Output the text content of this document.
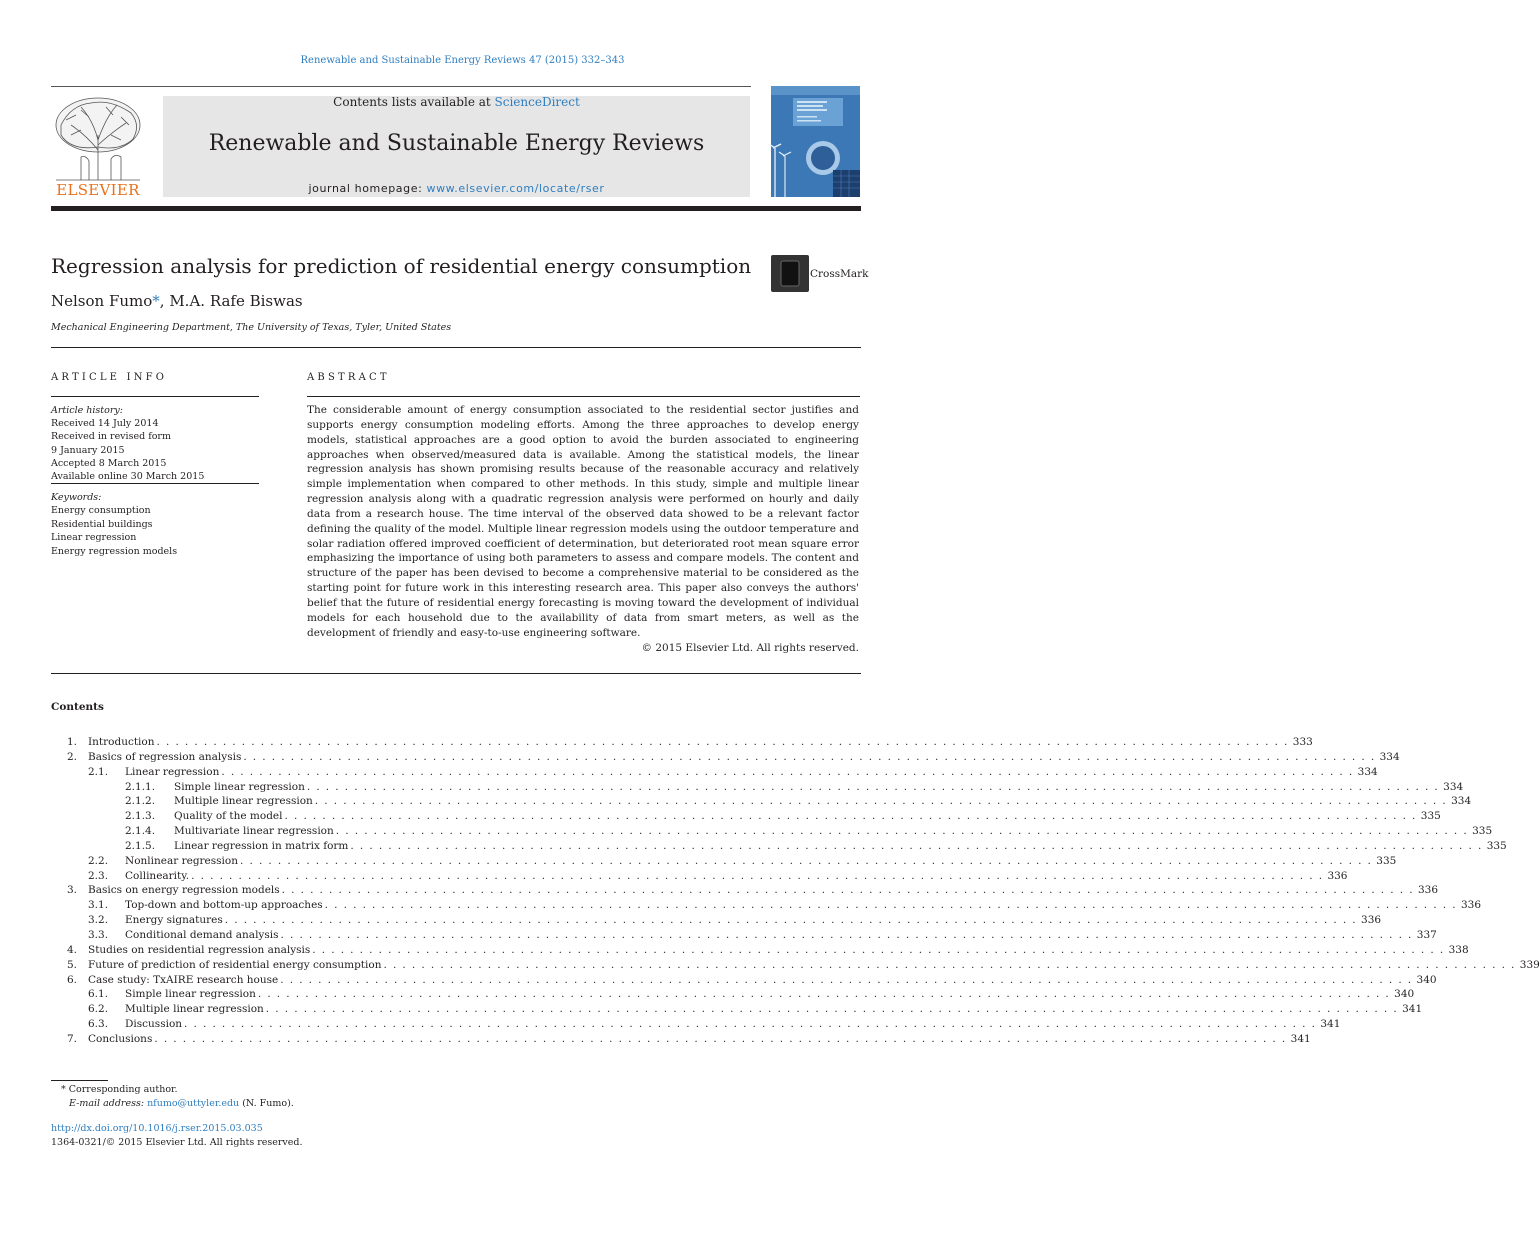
Renewable and Sustainable Energy Reviews 47 (2015) 332–343
ELSEVIER
Contents lists available at ScienceDirect
Renewable and Sustainable Energy Reviews
journal homepage: www.elsevier.com/locate/rser
Regression analysis for prediction of residential energy consumption	CrossMark
Nelson Fumo*, M.A. Rafe Biswas
Mechanical Engineering Department, The University of Texas, Tyler, United States
ARTICLE INFO
Article history:
Received 14 July 2014
Received in revised form
9 January 2015
Accepted 8 March 2015
Available online 30 March 2015
Keywords:
Energy consumption
Residential buildings
Linear regression
Energy regression models
ABSTRACT
The considerable amount of energy consumption associated to the residential sector justifies and supports energy consumption modeling efforts. Among the three approaches to develop energy models, statistical approaches are a good option to avoid the burden associated to engineering approaches when observed/measured data is available. Among the statistical models, the linear regression analysis has shown promising results because of the reasonable accuracy and relatively simple implementation when compared to other methods. In this study, simple and multiple linear regression analysis along with a quadratic regression analysis were performed on hourly and daily data from a research house. The time interval of the observed data showed to be a relevant factor defining the quality of the model. Multiple linear regression models using the outdoor temperature and solar radiation offered improved coefficient of determination, but deteriorated root mean square error emphasizing the importance of using both parameters to assess and compare models. The content and structure of the paper has been devised to become a comprehensive material to be considered as the starting point for future work in this interesting research area. This paper also conveys the authors' belief that the future of residential energy forecasting is moving toward the development of individual models for each household due to the availability of data from smart meters, as well as the development of friendly and easy-to-use engineering software.
© 2015 Elsevier Ltd. All rights reserved.
Contents
1. Introduction . . . . . . . . . . . . . . . . . . . . . . . . . . . . . . . . . . . . . . . . . . . . . . . . . . . . . . . . . . . . . . . . . . . . . . . . . . . . . . . . . . . . . . . . . . . . . . . . . . . . . . . . . . . . . . . . . . . . . . . . 333
2. Basics of regression analysis . . . . . . . . . . . . . . . . . . . . . . . . . . . . . . . . . . . . . . . . . . . . . . . . . . . . . . . . . . . . . . . . . . . . . . . . . . . . . . . . . . . . . . . . . . . . . . . . . . . . . . . . . . . . . . . . . . . . . . . . 334
2.1. Linear regression . . . . . . . . . . . . . . . . . . . . . . . . . . . . . . . . . . . . . . . . . . . . . . . . . . . . . . . . . . . . . . . . . . . . . . . . . . . . . . . . . . . . . . . . . . . . . . . . . . . . . . . . . . . . . . . . . . . . . . . . 334
2.1.1. Simple linear regression . . . . . . . . . . . . . . . . . . . . . . . . . . . . . . . . . . . . . . . . . . . . . . . . . . . . . . . . . . . . . . . . . . . . . . . . . . . . . . . . . . . . . . . . . . . . . . . . . . . . . . . . . . . . . . . . . . . . . . . . 334
2.1.2. Multiple linear regression . . . . . . . . . . . . . . . . . . . . . . . . . . . . . . . . . . . . . . . . . . . . . . . . . . . . . . . . . . . . . . . . . . . . . . . . . . . . . . . . . . . . . . . . . . . . . . . . . . . . . . . . . . . . . . . . . . . . . . . . 334
2.1.3. Quality of the model . . . . . . . . . . . . . . . . . . . . . . . . . . . . . . . . . . . . . . . . . . . . . . . . . . . . . . . . . . . . . . . . . . . . . . . . . . . . . . . . . . . . . . . . . . . . . . . . . . . . . . . . . . . . . . . . . . . . . . . . 335
2.1.4. Multivariate linear regression . . . . . . . . . . . . . . . . . . . . . . . . . . . . . . . . . . . . . . . . . . . . . . . . . . . . . . . . . . . . . . . . . . . . . . . . . . . . . . . . . . . . . . . . . . . . . . . . . . . . . . . . . . . . . . . . . . . . . . . . 335
2.1.5. Linear regression in matrix form . . . . . . . . . . . . . . . . . . . . . . . . . . . . . . . . . . . . . . . . . . . . . . . . . . . . . . . . . . . . . . . . . . . . . . . . . . . . . . . . . . . . . . . . . . . . . . . . . . . . . . . . . . . . . . . . . . . . . . . . 335
2.2. Nonlinear regression . . . . . . . . . . . . . . . . . . . . . . . . . . . . . . . . . . . . . . . . . . . . . . . . . . . . . . . . . . . . . . . . . . . . . . . . . . . . . . . . . . . . . . . . . . . . . . . . . . . . . . . . . . . . . . . . . . . . . . . . 335
2.3. Collinearity. . . . . . . . . . . . . . . . . . . . . . . . . . . . . . . . . . . . . . . . . . . . . . . . . . . . . . . . . . . . . . . . . . . . . . . . . . . . . . . . . . . . . . . . . . . . . . . . . . . . . . . . . . . . . . . . . . . . . . . . . 336
3. Basics on energy regression models . . . . . . . . . . . . . . . . . . . . . . . . . . . . . . . . . . . . . . . . . . . . . . . . . . . . . . . . . . . . . . . . . . . . . . . . . . . . . . . . . . . . . . . . . . . . . . . . . . . . . . . . . . . . . . . . . . . . . . . . 336
3.1. Top-down and bottom-up approaches . . . . . . . . . . . . . . . . . . . . . . . . . . . . . . . . . . . . . . . . . . . . . . . . . . . . . . . . . . . . . . . . . . . . . . . . . . . . . . . . . . . . . . . . . . . . . . . . . . . . . . . . . . . . . . . . . . . . . . . . 336
3.2. Energy signatures . . . . . . . . . . . . . . . . . . . . . . . . . . . . . . . . . . . . . . . . . . . . . . . . . . . . . . . . . . . . . . . . . . . . . . . . . . . . . . . . . . . . . . . . . . . . . . . . . . . . . . . . . . . . . . . . . . . . . . . . 336
3.3. Conditional demand analysis . . . . . . . . . . . . . . . . . . . . . . . . . . . . . . . . . . . . . . . . . . . . . . . . . . . . . . . . . . . . . . . . . . . . . . . . . . . . . . . . . . . . . . . . . . . . . . . . . . . . . . . . . . . . . . . . . . . . . . . . 337
4. Studies on residential regression analysis . . . . . . . . . . . . . . . . . . . . . . . . . . . . . . . . . . . . . . . . . . . . . . . . . . . . . . . . . . . . . . . . . . . . . . . . . . . . . . . . . . . . . . . . . . . . . . . . . . . . . . . . . . . . . . . . . . . . . . . . 338
5. Future of prediction of residential energy consumption . . . . . . . . . . . . . . . . . . . . . . . . . . . . . . . . . . . . . . . . . . . . . . . . . . . . . . . . . . . . . . . . . . . . . . . . . . . . . . . . . . . . . . . . . . . . . . . . . . . . . . . . . . . . . . . . . . . . . . . . 339
6. Case study: TxAIRE research house . . . . . . . . . . . . . . . . . . . . . . . . . . . . . . . . . . . . . . . . . . . . . . . . . . . . . . . . . . . . . . . . . . . . . . . . . . . . . . . . . . . . . . . . . . . . . . . . . . . . . . . . . . . . . . . . . . . . . . . . 340
6.1. Simple linear regression . . . . . . . . . . . . . . . . . . . . . . . . . . . . . . . . . . . . . . . . . . . . . . . . . . . . . . . . . . . . . . . . . . . . . . . . . . . . . . . . . . . . . . . . . . . . . . . . . . . . . . . . . . . . . . . . . . . . . . . . 340
6.2. Multiple linear regression . . . . . . . . . . . . . . . . . . . . . . . . . . . . . . . . . . . . . . . . . . . . . . . . . . . . . . . . . . . . . . . . . . . . . . . . . . . . . . . . . . . . . . . . . . . . . . . . . . . . . . . . . . . . . . . . . . . . . . . . 341
6.3. Discussion . . . . . . . . . . . . . . . . . . . . . . . . . . . . . . . . . . . . . . . . . . . . . . . . . . . . . . . . . . . . . . . . . . . . . . . . . . . . . . . . . . . . . . . . . . . . . . . . . . . . . . . . . . . . . . . . . . . . . . . . 341
7. Conclusions . . . . . . . . . . . . . . . . . . . . . . . . . . . . . . . . . . . . . . . . . . . . . . . . . . . . . . . . . . . . . . . . . . . . . . . . . . . . . . . . . . . . . . . . . . . . . . . . . . . . . . . . . . . . . . . . . . . . . . . . 341
* Corresponding author.
E-mail address: nfumo@uttyler.edu (N. Fumo).
http://dx.doi.org/10.1016/j.rser.2015.03.035
1364-0321/© 2015 Elsevier Ltd. All rights reserved.
